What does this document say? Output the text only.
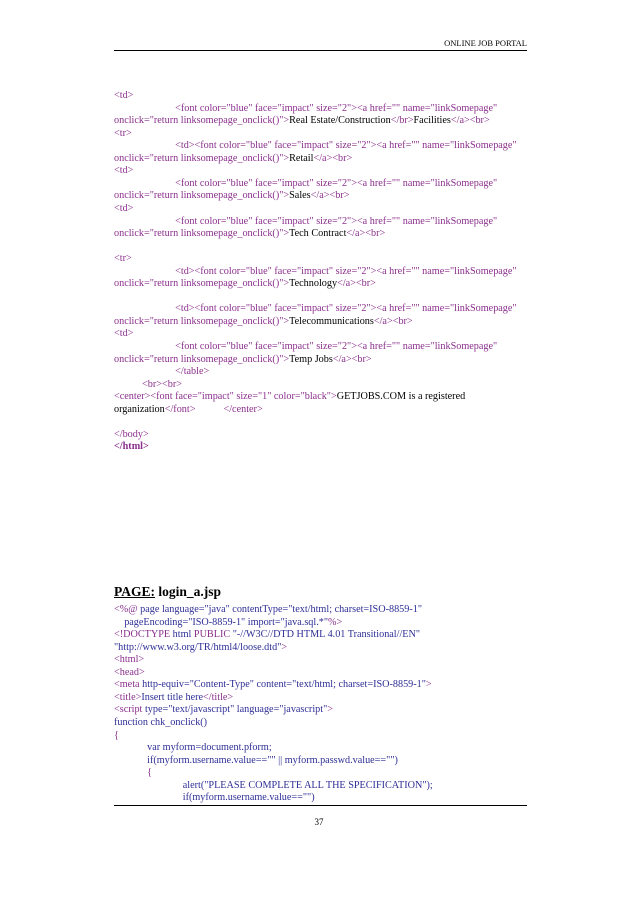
ONLINE JOB PORTAL
<td>
<font color="blue" face="impact" size="2"><a href="" name="linkSomepage"
onclick="return linksomepage_onclick()">Real Estate/Construction</br>Facilities</a><br>
<tr>
<td><font color="blue" face="impact" size="2"><a href="" name="linkSomepage"
onclick="return linksomepage_onclick()">Retail</a><br>
<td>
<font color="blue" face="impact" size="2"><a href="" name="linkSomepage"
onclick="return linksomepage_onclick()">Sales</a><br>
<td>
<font color="blue" face="impact" size="2"><a href="" name="linkSomepage"
onclick="return linksomepage_onclick()">Tech Contract</a><br>
<tr>
<td><font color="blue" face="impact" size="2"><a href="" name="linkSomepage"
onclick="return linksomepage_onclick()">Technology</a><br>
<td><font color="blue" face="impact" size="2"><a href="" name="linkSomepage"
onclick="return linksomepage_onclick()">Telecommunications</a><br>
<td>
<font color="blue" face="impact" size="2"><a href="" name="linkSomepage"
onclick="return linksomepage_onclick()">Temp Jobs</a><br>
</table>
<br><br>
<center><font face="impact" size="1" color="black">GETJOBS.COM is a registered
organization</font>	</center>
</body>
</html>
PAGE: login_a.jsp
<%@ page language="java" contentType="text/html; charset=ISO-8859-1"
pageEncoding="ISO-8859-1" import="java.sql.*"%>
<!DOCTYPE html PUBLIC "-//W3C//DTD HTML 4.01 Transitional//EN"
"http://www.w3.org/TR/html4/loose.dtd">
<html>
<head>
<meta http-equiv="Content-Type" content="text/html; charset=ISO-8859-1">
<title>Insert title here</title>
<script type="text/javascript" language="javascript">
function chk_onclick()
{
var myform=document.pform;
if(myform.username.value=="" || myform.passwd.value=="")
{
alert("PLEASE COMPLETE ALL THE SPECIFICATION");
if(myform.username.value=="")
37
